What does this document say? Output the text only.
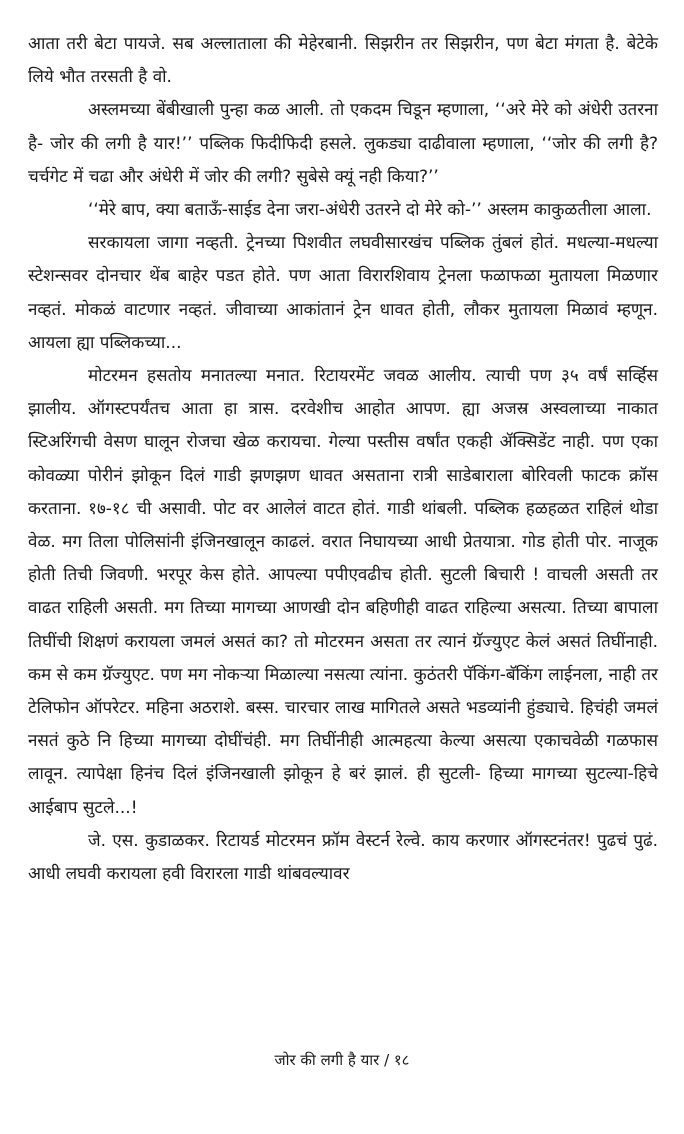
आता तरी बेटा पायजे. सब अल्लाताला की मेहेरबानी. सिझरीन तर सिझरीन, पण बेटा मंगता है. बेटेके लिये भौत तरसती है वो.

अस्लमच्या बेंबीखाली पुन्हा कळ आली. तो एकदम चिडून म्हणाला, ‘‘अरे मेरे को अंधेरी उतरना है- जोर की लगी है यार!’’ पब्लिक फिदीफिदी हसले. लुकड्या दाढीवाला म्हणाला, ‘‘जोर की लगी है? चर्चगेट में चढा और अंधेरी में जोर की लगी? सुबेसे क्यूं नही किया?’’

‘‘मेरे बाप, क्या बताऊँ-साईड देना जरा-अंधेरी उतरने दो मेरे को-’’ अस्लम काकुळतीला आला.

सरकायला जागा नव्हती. ट्रेनच्या पिशवीत लघवीसारखंच पब्लिक तुंबलं होतं. मधल्या-मधल्या स्टेशन्सवर दोनचार थेंब बाहेर पडत होते. पण आता विरारशिवाय ट्रेनला फळाफळा मुतायला मिळणार नव्हतं. मोकळं वाटणार नव्हतं. जीवाच्या आकांतानं ट्रेन धावत होती, लौकर मुतायला मिळावं म्हणून. आयला ह्या पब्लिकच्या...

मोटरमन हसतोय मनातल्या मनात. रिटायरमेंट जवळ आलीय. त्याची पण ३५ वर्षं सर्व्हिस झालीय. ऑगस्टपर्यंतच आता हा त्रास. दरवेशीच आहोत आपण. ह्या अजस्र अस्वलाच्या नाकात स्टिअरिंगची वेसण घालून रोजचा खेळ करायचा. गेल्या पस्तीस वर्षांत एकही ॲक्सिडेंट नाही. पण एका कोवळ्या पोरीनं झोकून दिलं गाडी झणझण धावत असताना रात्री साडेबाराला बोरिवली फाटक क्रॉस करताना. १७-१८ ची असावी. पोट वर आलेलं वाटत होतं. गाडी थांबली. पब्लिक हळहळत राहिलं थोडा वेळ. मग तिला पोलिसांनी इंजिनखालून काढलं. वरात निघायच्या आधी प्रेतयात्रा. गोड होती पोर. नाजूक होती तिची जिवणी. भरपूर केस होते. आपल्या पपीएवढीच होती. सुटली बिचारी ! वाचली असती तर वाढत राहिली असती. मग तिच्या मागच्या आणखी दोन बहिणीही वाढत राहिल्या असत्या. तिच्या बापाला तिघींची शिक्षणं करायला जमलं असतं का? तो मोटरमन असता तर त्यानं ग्रॅज्युएट केलं असतं तिघींनाही. कम से कम ग्रॅज्युएट. पण मग नोकऱ्या मिळाल्या नसत्या त्यांना. कुठंतरी पॅकिंग-बॅकिंग लाईनला, नाही तर टेलिफोन ऑपरेटर. महिना अठराशे. बस्स. चारचार लाख मागितले असते भडव्यांनी हुंड्याचे. हिचंही जमलं नसतं कुठे नि हिच्या मागच्या दोघींचंही. मग तिघींनीही आत्महत्या केल्या असत्या एकाचवेळी गळफास लावून. त्यापेक्षा हिनंच दिलं इंजिनखाली झोकून हे बरं झालं. ही सुटली- हिच्या मागच्या सुटल्या-हिचे आईबाप सुटले...!

जे. एस. कुडाळकर. रिटायर्ड मोटरमन फ्रॉम वेस्टर्न रेल्वे. काय करणार ऑगस्टनंतर! पुढचं पुढं. आधी लघवी करायला हवी विरारला गाडी थांबवल्यावर

जोर की लगी है यार / १८
